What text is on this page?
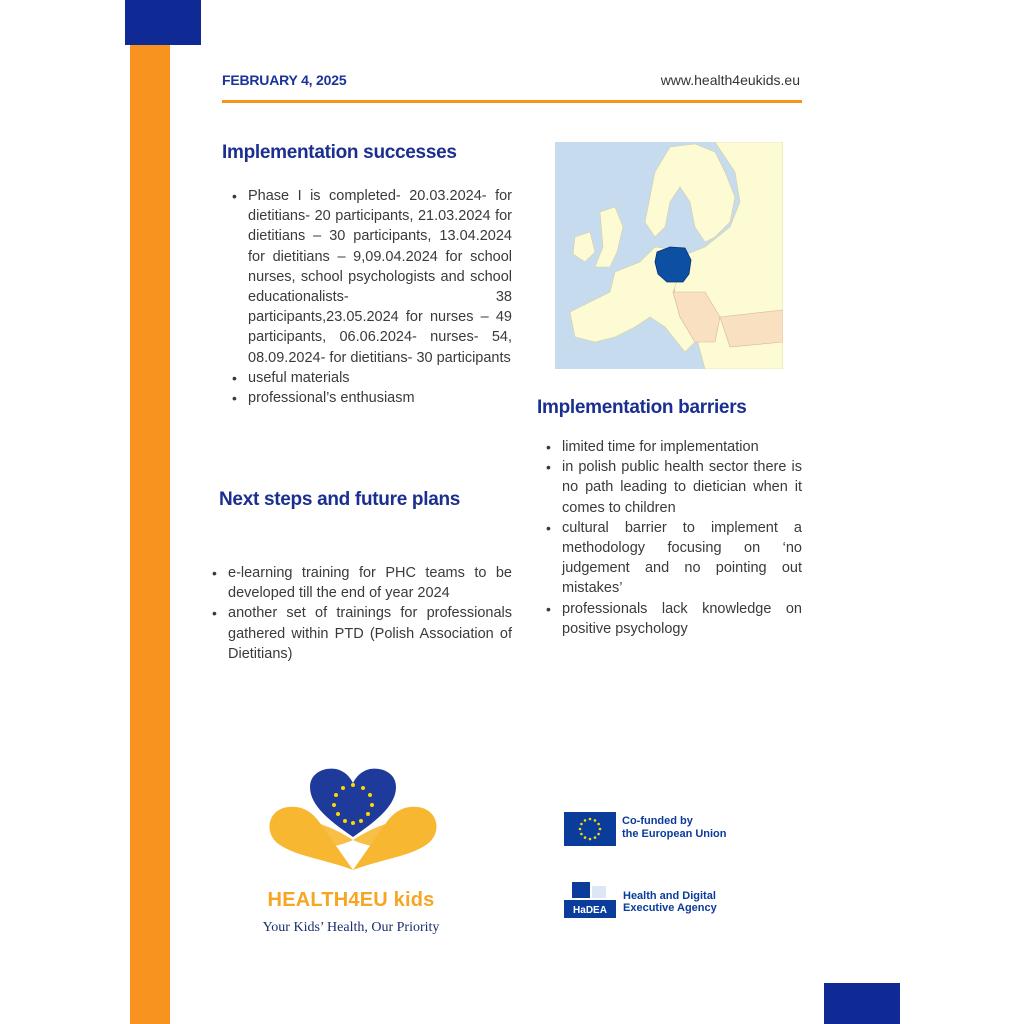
FEBRUARY 4, 2025	www.health4eukids.eu
Implementation successes
• Phase I is completed- 20.03.2024- for dietitians- 20 participants, 21.03.2024 for dietitians – 30 participants, 13.04.2024 for dietitians – 9,09.04.2024 for school nurses, school psychologists and school educationalists- 38 participants,23.05.2024 for nurses – 49 participants, 06.06.2024- nurses- 54, 08.09.2024- for dietitians- 30 participants
• useful materials
• professional’s enthusiasm
Next steps and future plans
• e-learning training for PHC teams to be developed till the end of year 2024
• another set of trainings for professionals gathered within PTD (Polish Association of Dietitians)
Implementation barriers
• limited time for implementation
• in polish public health sector there is no path leading to dietician when it comes to children
• cultural barrier to implement a methodology focusing on ‘no judgement and no pointing out mistakes’
• professionals lack knowledge on positive psychology
HEALTH4EU kids
Your Kids’ Health, Our Priority
Co-funded by
the European Union
HaDEA
Health and Digital
Executive Agency
